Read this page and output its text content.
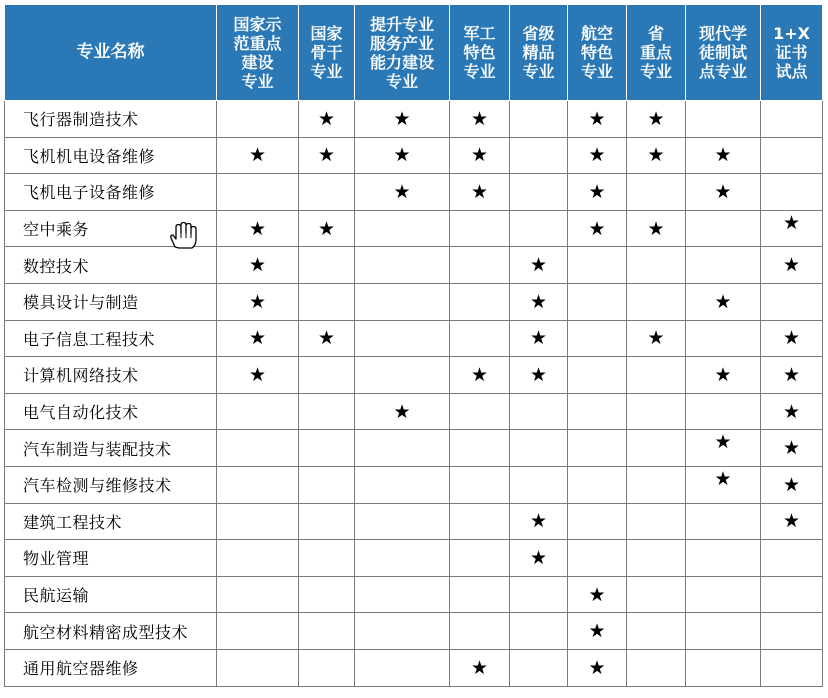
专业名称	国家示
范重点
建设
专业	国家
骨干
专业	提升专业
服务产业
能力建设
专业	军工
特色
专业	省级
精品
专业	航空
特色
专业	省
重点
专业	现代学
徒制试
点专业	1+X
证书
试点

飞行器制造技术		★	★	★		★	★		
飞机机电设备维修	★	★	★	★		★	★	★	
飞机电子设备维修			★	★		★		★	
空中乘务	★	★				★	★		★
数控技术	★				★				★
模具设计与制造	★				★			★	
电子信息工程技术	★	★			★		★		★
计算机网络技术	★			★	★			★	★
电气自动化技术			★						★
汽车制造与装配技术								★	★
汽车检测与维修技术								★	★
建筑工程技术					★				★
物业管理					★				
民航运输						★			
航空材料精密成型技术						★			
通用航空器维修				★		★			
